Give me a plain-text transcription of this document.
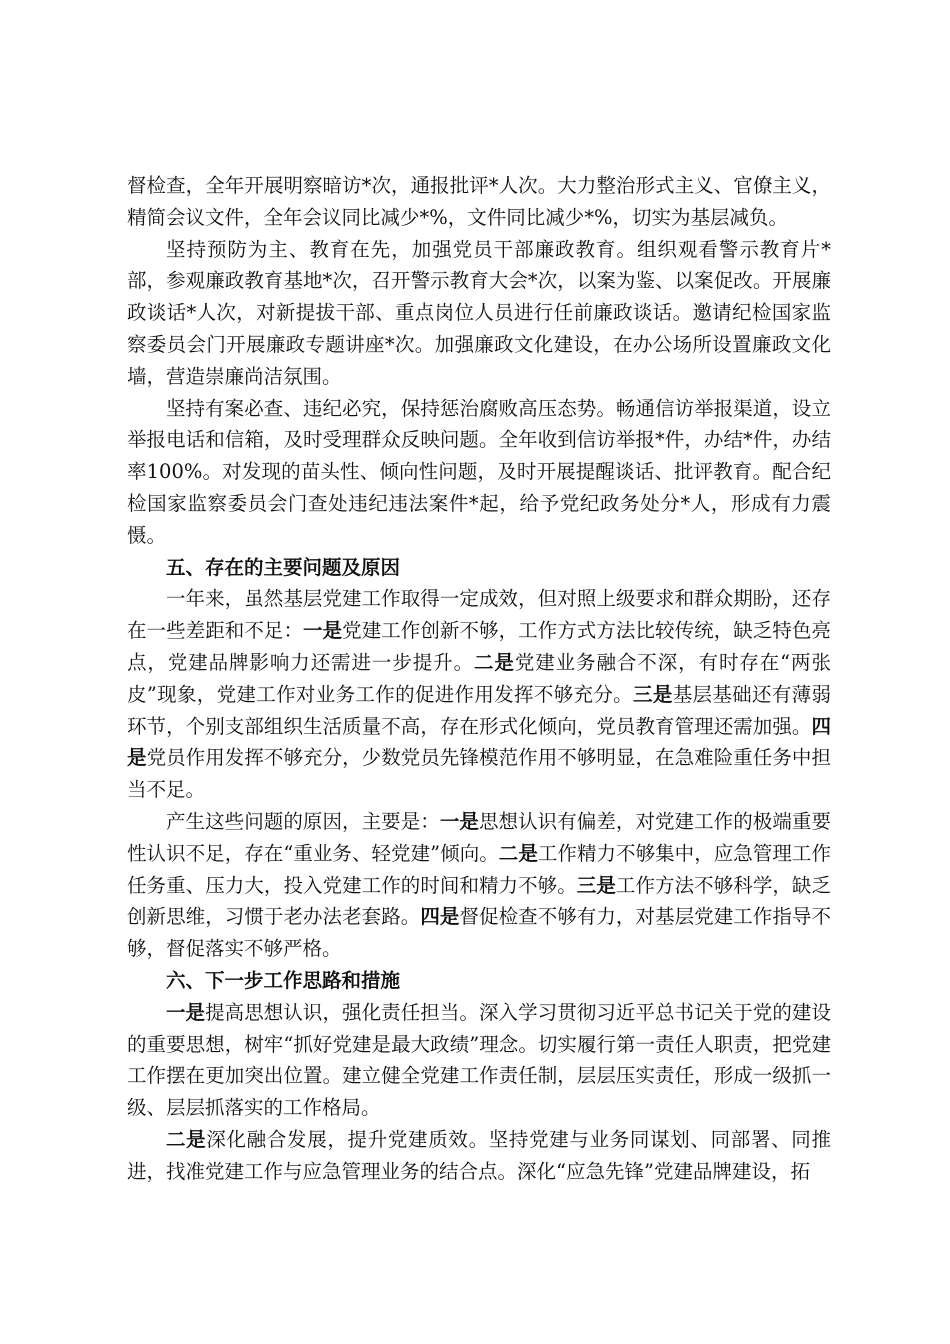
督检查，全年开展明察暗访*次，通报批评*人次。大力整治形式主义、官僚主义，精简会议文件，全年会议同比减少*%，文件同比减少*%，切实为基层减负。

坚持预防为主、教育在先，加强党员干部廉政教育。组织观看警示教育片*部，参观廉政教育基地*次，召开警示教育大会*次，以案为鉴、以案促改。开展廉政谈话*人次，对新提拔干部、重点岗位人员进行任前廉政谈话。邀请纪检国家监察委员会门开展廉政专题讲座*次。加强廉政文化建设，在办公场所设置廉政文化墙，营造崇廉尚洁氛围。

坚持有案必查、违纪必究，保持惩治腐败高压态势。畅通信访举报渠道，设立举报电话和信箱，及时受理群众反映问题。全年收到信访举报*件，办结*件，办结率100%。对发现的苗头性、倾向性问题，及时开展提醒谈话、批评教育。配合纪检国家监察委员会门查处违纪违法案件*起，给予党纪政务处分*人，形成有力震慑。

五、存在的主要问题及原因

一年来，虽然基层党建工作取得一定成效，但对照上级要求和群众期盼，还存在一些差距和不足：一是党建工作创新不够，工作方式方法比较传统，缺乏特色亮点，党建品牌影响力还需进一步提升。二是党建业务融合不深，有时存在“两张皮”现象，党建工作对业务工作的促进作用发挥不够充分。三是基层基础还有薄弱环节，个别支部组织生活质量不高，存在形式化倾向，党员教育管理还需加强。四是党员作用发挥不够充分，少数党员先锋模范作用不够明显，在急难险重任务中担当不足。

产生这些问题的原因，主要是：一是思想认识有偏差，对党建工作的极端重要性认识不足，存在“重业务、轻党建”倾向。二是工作精力不够集中，应急管理工作任务重、压力大，投入党建工作的时间和精力不够。三是工作方法不够科学，缺乏创新思维，习惯于老办法老套路。四是督促检查不够有力，对基层党建工作指导不够，督促落实不够严格。

六、下一步工作思路和措施

一是提高思想认识，强化责任担当。深入学习贯彻习近平总书记关于党的建设的重要思想，树牢“抓好党建是最大政绩”理念。切实履行第一责任人职责，把党建工作摆在更加突出位置。建立健全党建工作责任制，层层压实责任，形成一级抓一级、层层抓落实的工作格局。

二是深化融合发展，提升党建质效。坚持党建与业务同谋划、同部署、同推进，找准党建工作与应急管理业务的结合点。深化“应急先锋”党建品牌建设，拓
